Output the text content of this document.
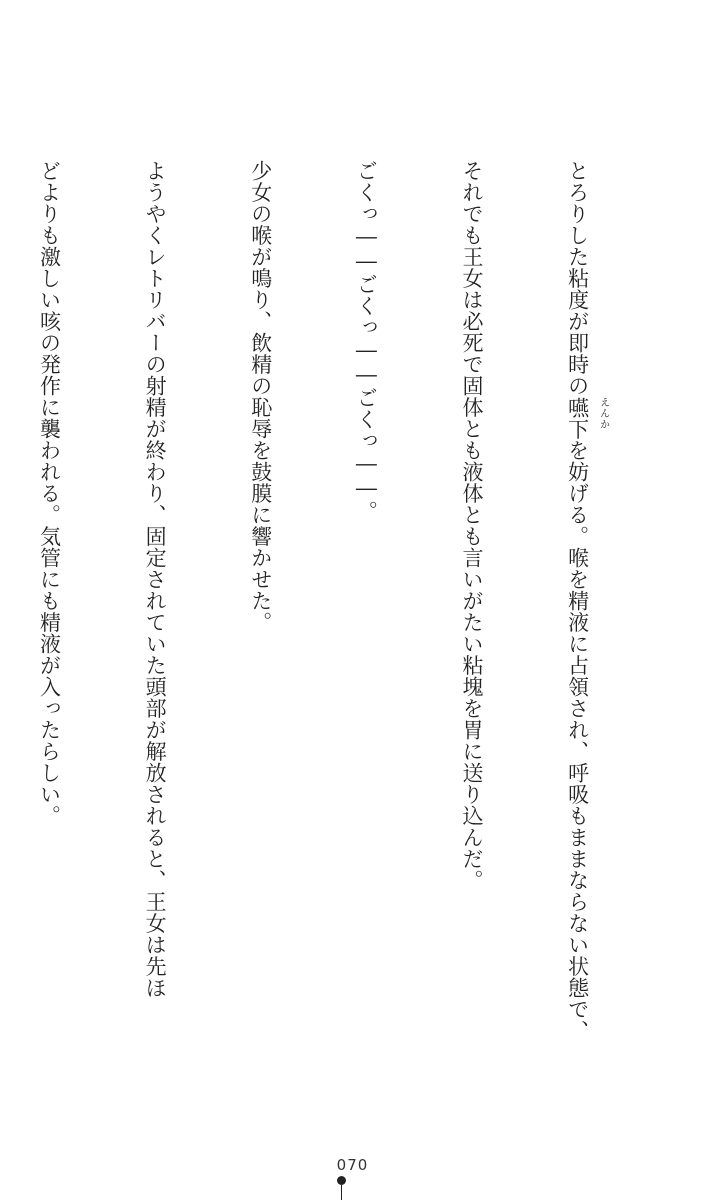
とろりした粘度が即時の嚥下 えんか
を妨げる。喉を精液に占領され、呼吸もままならない状態で、

それでも王女は必死で固体とも液体とも言いがたい粘塊を胃に送り込んだ。

ごくっ――ごくっ――ごくっ――。

少女の喉が鳴り、飲精の恥辱を鼓膜に響かせた。

ようやくレトリバーの射精が終わり、固定されていた頭部が解放されると、王女は先ほ

どよりも激しい咳の発作に襲われる。気管にも精液が入ったらしい。

070
